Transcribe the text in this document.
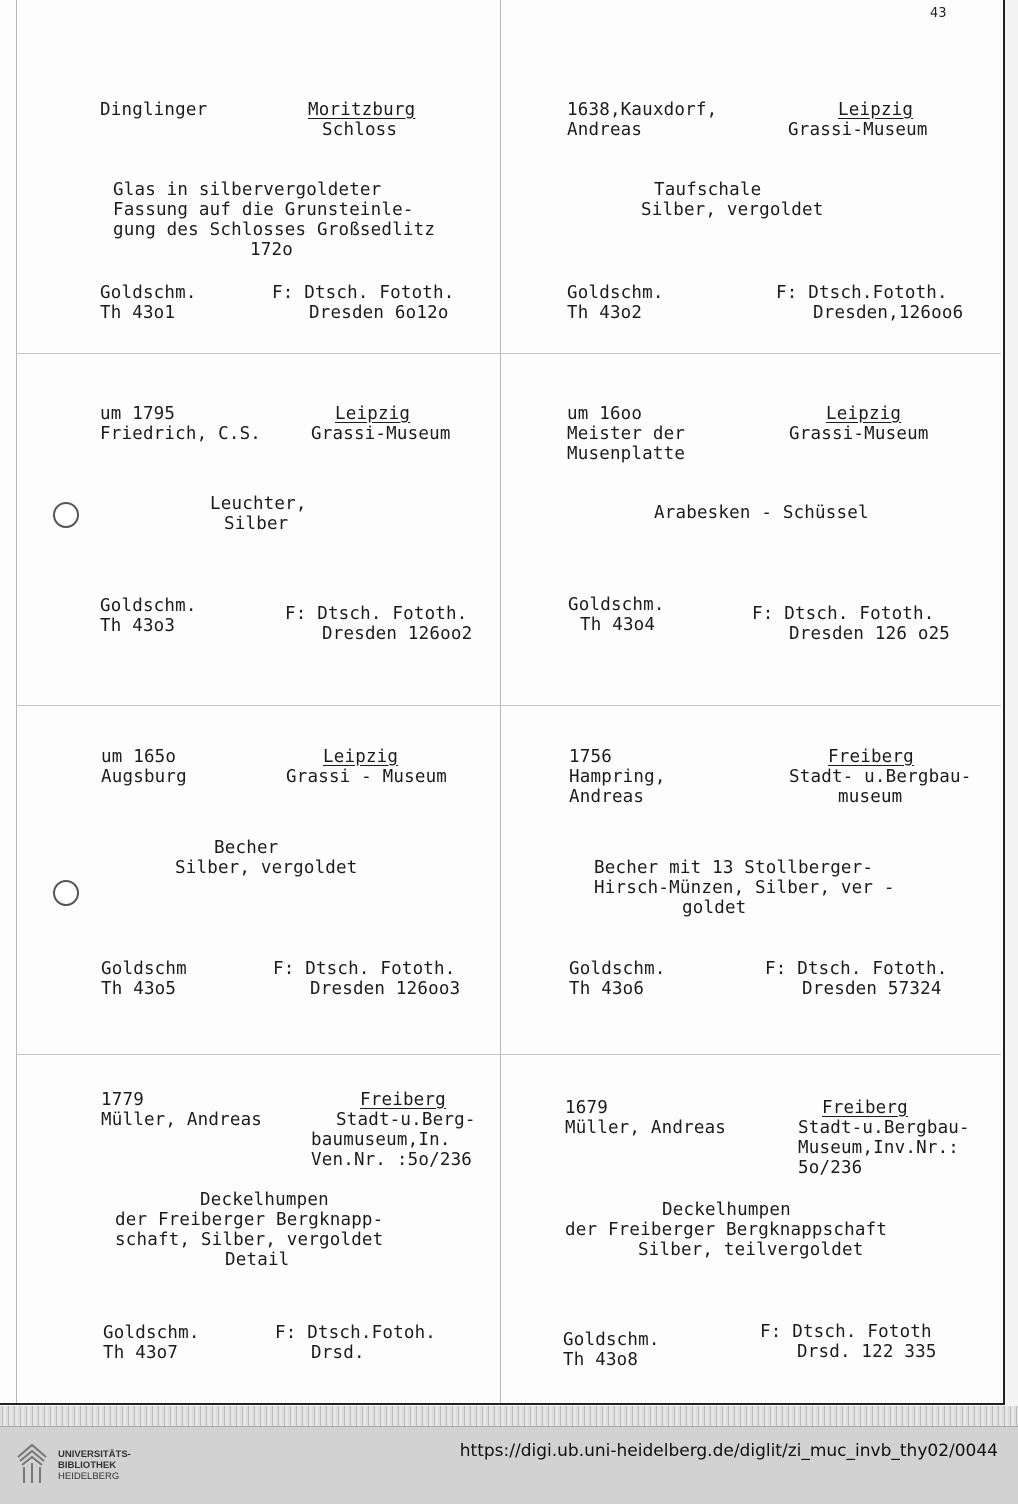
43
Dinglinger	Moritzburg
Schloss
Glas in silbervergoldeter
Fassung auf die Grunsteinle-
gung des Schlosses Großsedlitz
172o
Goldschm.
Th 43o1
F: Dtsch. Fototh.
Dresden 6o12o
1638,Kauxdorf,
Andreas
Leipzig
Grassi-Museum
Taufschale
Silber, vergoldet
Goldschm.
Th 43o2
F: Dtsch.Fototh.
Dresden,126oo6
um 1795
Friedrich, C.S.
Leipzig
Grassi-Museum
Leuchter,
Silber
Goldschm.
Th 43o3
F: Dtsch. Fototh.
Dresden 126oo2
um 16oo
Meister der
Musenplatte
Leipzig
Grassi-Museum
Arabesken - Schüssel
Goldschm.
Th 43o4
F: Dtsch. Fototh.
Dresden 126 o25
um 165o
Augsburg
Leipzig
Grassi - Museum
Becher
Silber, vergoldet
Goldschm
Th 43o5
F: Dtsch. Fototh.
Dresden 126oo3
1756
Hampring,
Andreas
Freiberg
Stadt- u.Bergbau-
museum
Becher mit 13 Stollberger-
Hirsch-Münzen, Silber, ver -
goldet
Goldschm.
Th 43o6
F: Dtsch. Fototh.
Dresden 57324
1779
Müller, Andreas
Freiberg
Stadt-u.Berg-
baumuseum,In.
Ven.Nr. :5o/236
Deckelhumpen
der Freiberger Bergknapp-
schaft, Silber, vergoldet
Detail
Goldschm.
Th 43o7
F: Dtsch.Fotoh.
Drsd.
1679
Müller, Andreas
Freiberg
Stadt-u.Bergbau-
Museum,Inv.Nr.:
5o/236
Deckelhumpen
der Freiberger Bergknappschaft
Silber, teilvergoldet
Goldschm.
Th 43o8
F: Dtsch. Fototh
Drsd. 122 335
UNIVERSITÄTS-
BIBLIOTHEK
HEIDELBERG
https://digi.ub.uni-heidelberg.de/diglit/zi_muc_invb_thy02/0044
